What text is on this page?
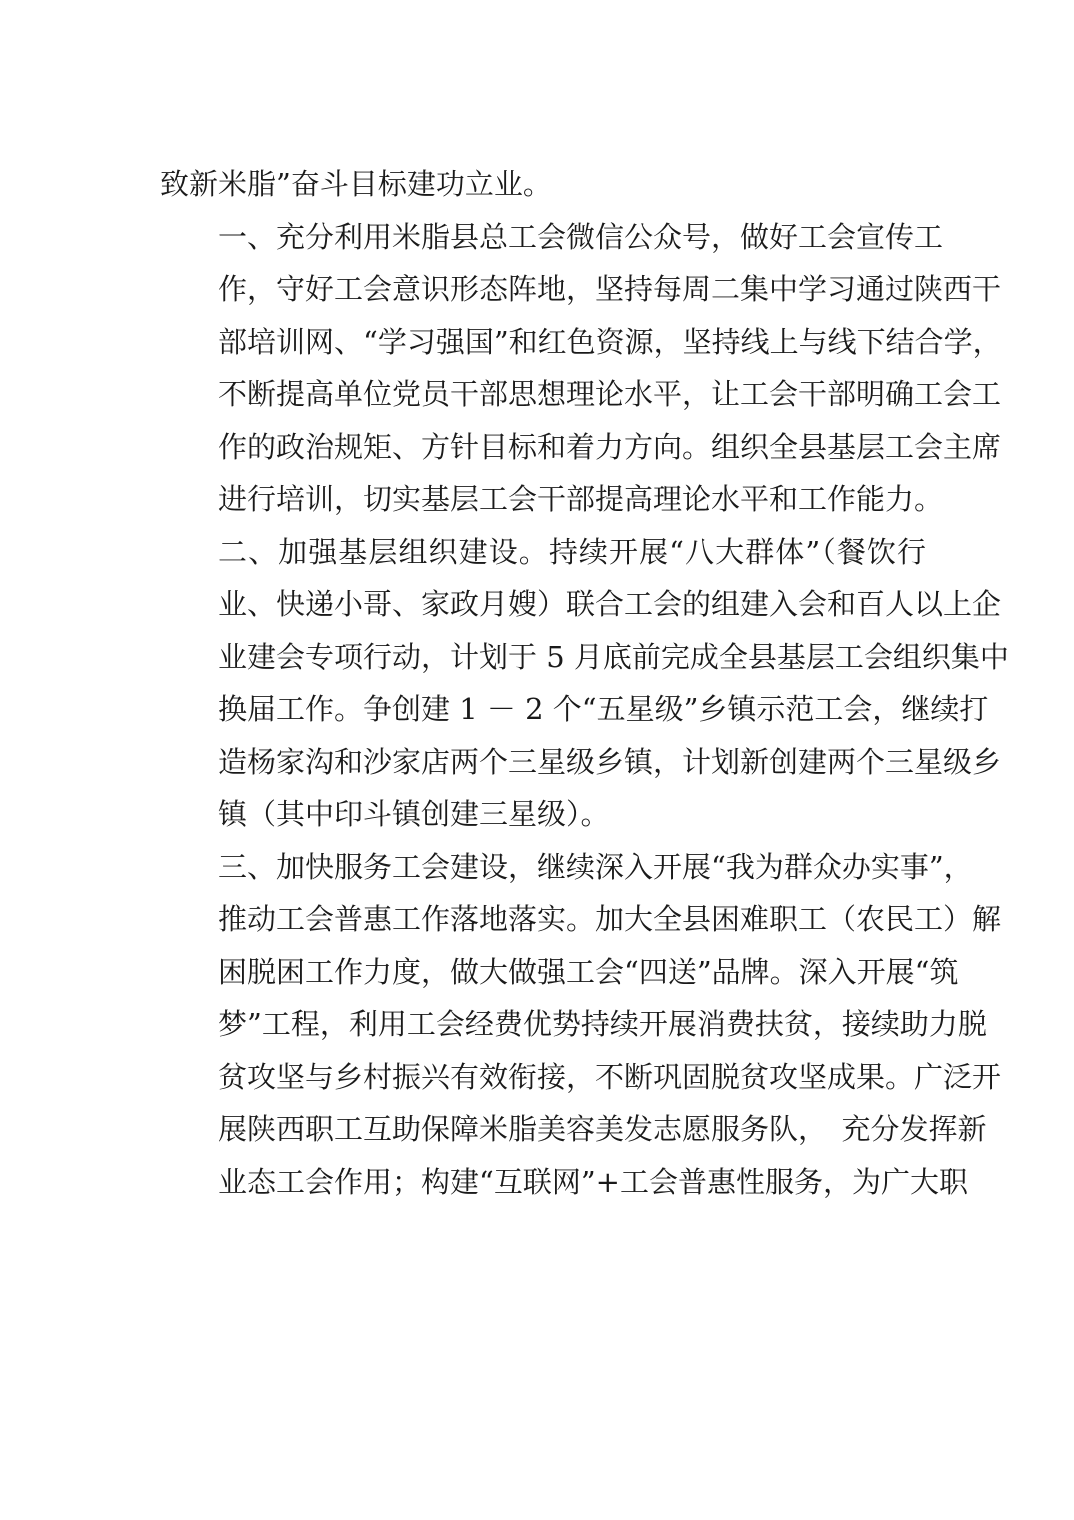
致新米脂”奋斗目标建功立业。

一、充分利用米脂县总工会微信公众号，做好工会宣传工
作，守好工会意识形态阵地，坚持每周二集中学习通过陕西干
部培训网、“学习强国”和红色资源，坚持线上与线下结合学，
不断提高单位党员干部思想理论水平，让工会干部明确工会工
作的政治规矩、方针目标和着力方向。组织全县基层工会主席
进行培训，切实基层工会干部提高理论水平和工作能力。

二、加强基层组织建设。持续开展“八大群体”（餐饮行
业、快递小哥、家政月嫂）联合工会的组建入会和百人以上企
业建会专项行动，计划于 5 月底前完成全县基层工会组织集中
换届工作。争创建 1 － 2 个“五星级”乡镇示范工会，继续打
造杨家沟和沙家店两个三星级乡镇，计划新创建两个三星级乡
镇（其中印斗镇创建三星级）。

三、加快服务工会建设，继续深入开展“我为群众办实事”，
推动工会普惠工作落地落实。加大全县困难职工（农民工）解
困脱困工作力度，做大做强工会“四送”品牌。深入开展“筑
梦”工程，利用工会经费优势持续开展消费扶贫，接续助力脱
贫攻坚与乡村振兴有效衔接，不断巩固脱贫攻坚成果。广泛开
展陕西职工互助保障米脂美容美发志愿服务队，　充分发挥新
业态工会作用；构建“互联网”+工会普惠性服务，为广大职
